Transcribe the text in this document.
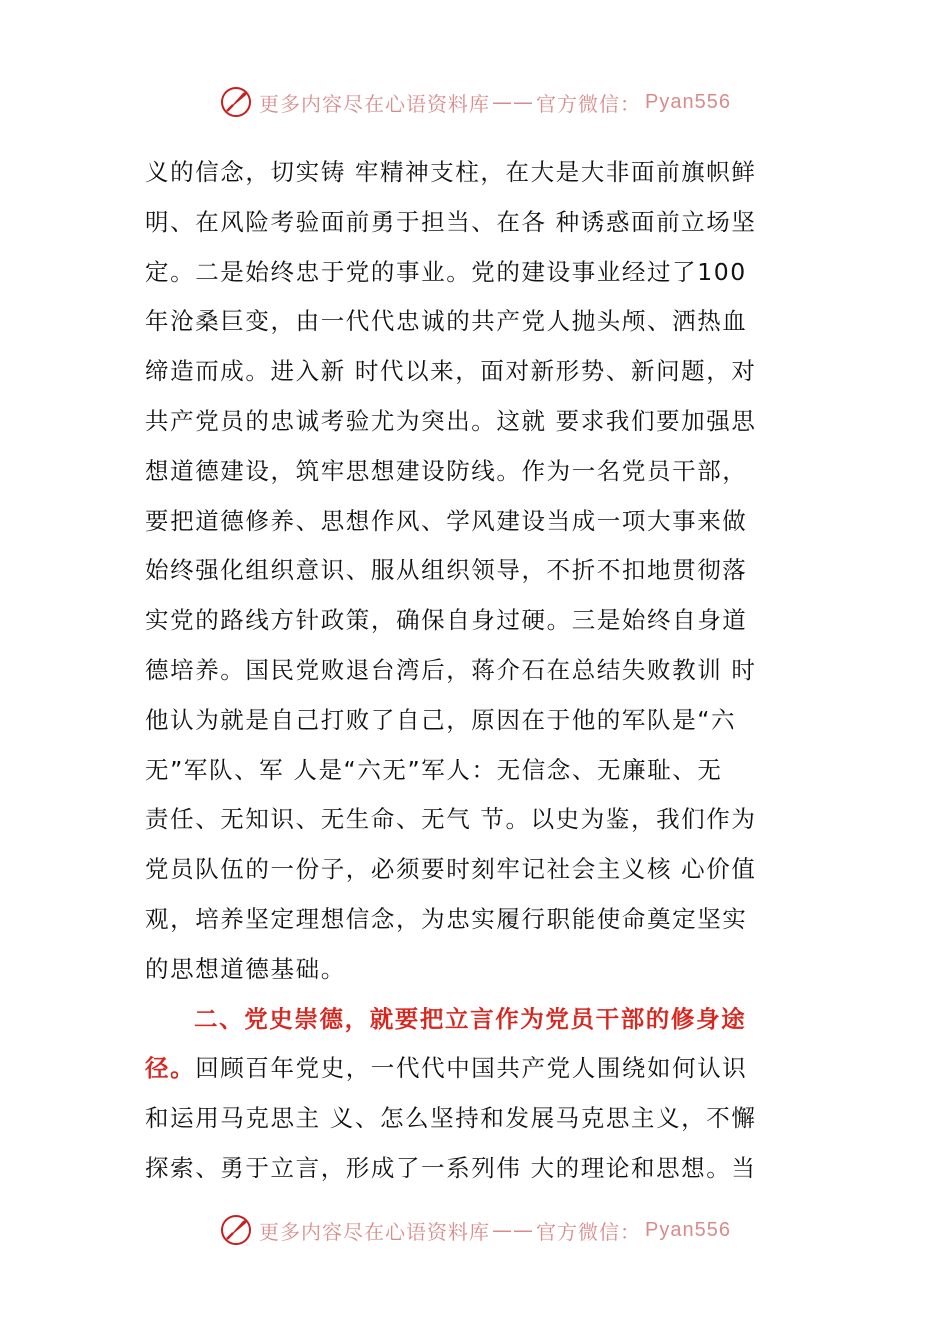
更多内容尽在心语资料库 —— 官方微信： Pyan556
义的信念，切实铸 牢精神支柱，在大是大非面前旗帜鲜
明、在风险考验面前勇于担当、在各 种诱惑面前立场坚
定。二是始终忠于党的事业。党的建设事业经过了100
年沧桑巨变，由一代代忠诚的共产党人抛头颅、洒热血
缔造而成。进入新 时代以来，面对新形势、新问题，对
共产党员的忠诚考验尤为突出。这就 要求我们要加强思
想道德建设，筑牢思想建设防线。作为一名党员干部，
要把道德修养、思想作风、学风建设当成一项大事来做
始终强化组织意识、服从组织领导，不折不扣地贯彻落
实党的路线方针政策，确保自身过硬。三是始终自身道
德培养。国民党败退台湾后，蒋介石在总结失败教训 时
他认为就是自己打败了自己，原因在于他的军队是“六
无”军队、军 人是“六无”军人：无信念、无廉耻、无
责任、无知识、无生命、无气 节。以史为鉴，我们作为
党员队伍的一份子，必须要时刻牢记社会主义核 心价值
观，培养坚定理想信念，为忠实履行职能使命奠定坚实
的思想道德基础。
二、党史崇德，就要把立言作为党员干部的修身途
径。回顾百年党史，一代代中国共产党人围绕如何认识
和运用马克思主 义、怎么坚持和发展马克思主义，不懈
探索、勇于立言，形成了一系列伟 大的理论和思想。当
更多内容尽在心语资料库 —— 官方微信： Pyan556
